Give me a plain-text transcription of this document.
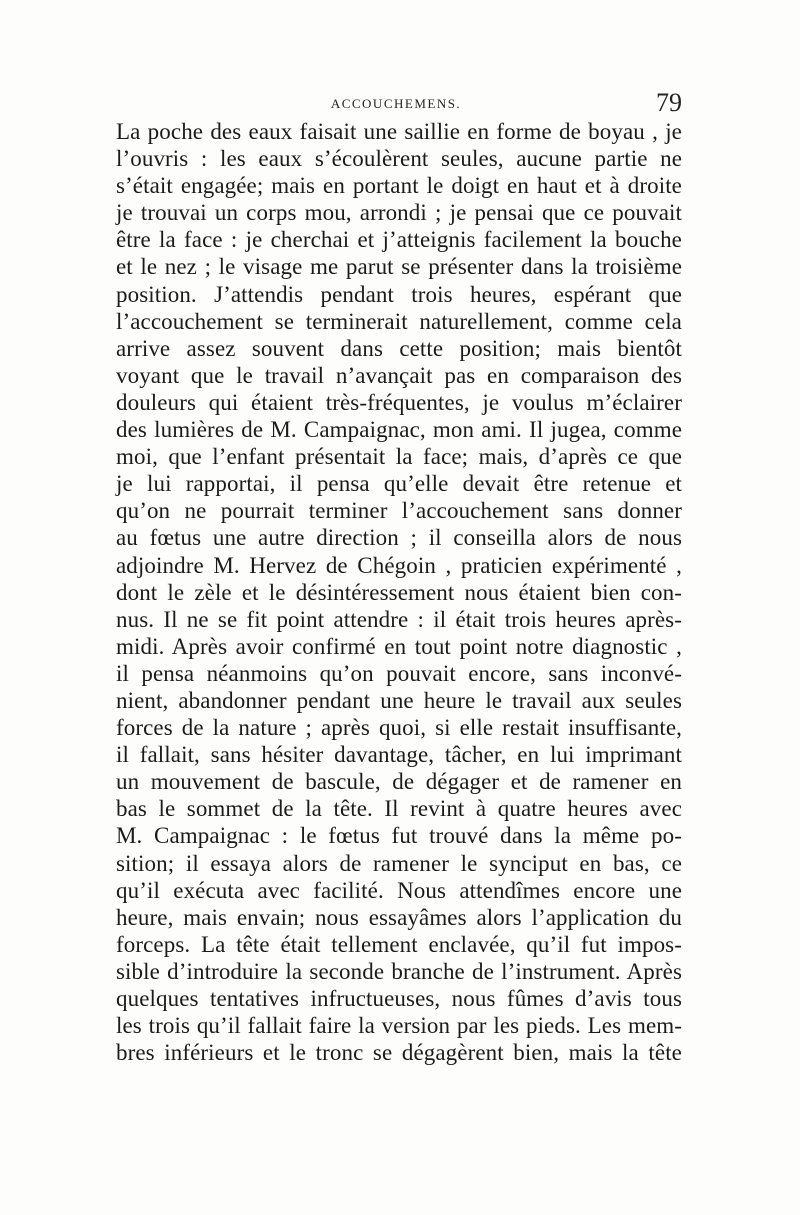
ACCOUCHEMENS.	79
La poche des eaux faisait une saillie en forme de boyau , je
l’ouvris : les eaux s’écoulèrent seules, aucune partie ne
s’était engagée; mais en portant le doigt en haut et à droite
je trouvai un corps mou, arrondi ; je pensai que ce pouvait
être la face : je cherchai et j’atteignis facilement la bouche
et le nez ; le visage me parut se présenter dans la troisième
position. J’attendis pendant trois heures, espérant que
l’accouchement se terminerait naturellement, comme cela
arrive assez souvent dans cette position; mais bientôt
voyant que le travail n’avançait pas en comparaison des
douleurs qui étaient très-fréquentes, je voulus m’éclairer
des lumières de M. Campaignac, mon ami. Il jugea, comme
moi, que l’enfant présentait la face; mais, d’après ce que
je lui rapportai, il pensa qu’elle devait être retenue et
qu’on ne pourrait terminer l’accouchement sans donner
au fœtus une autre direction ; il conseilla alors de nous
adjoindre M. Hervez de Chégoin , praticien expérimenté ,
dont le zèle et le désintéressement nous étaient bien con-
nus. Il ne se fit point attendre : il était trois heures après-
midi. Après avoir confirmé en tout point notre diagnostic ,
il pensa néanmoins qu’on pouvait encore, sans inconvé-
nient, abandonner pendant une heure le travail aux seules
forces de la nature ; après quoi, si elle restait insuffisante,
il fallait, sans hésiter davantage, tâcher, en lui imprimant
un mouvement de bascule, de dégager et de ramener en
bas le sommet de la tête. Il revint à quatre heures avec
M. Campaignac : le fœtus fut trouvé dans la même po-
sition; il essaya alors de ramener le synciput en bas, ce
qu’il exécuta avec facilité. Nous attendîmes encore une
heure, mais envain; nous essayâmes alors l’application du
forceps. La tête était tellement enclavée, qu’il fut impos-
sible d’introduire la seconde branche de l’instrument. Après
quelques tentatives infructueuses, nous fûmes d’avis tous
les trois qu’il fallait faire la version par les pieds. Les mem-
bres inférieurs et le tronc se dégagèrent bien, mais la tête
